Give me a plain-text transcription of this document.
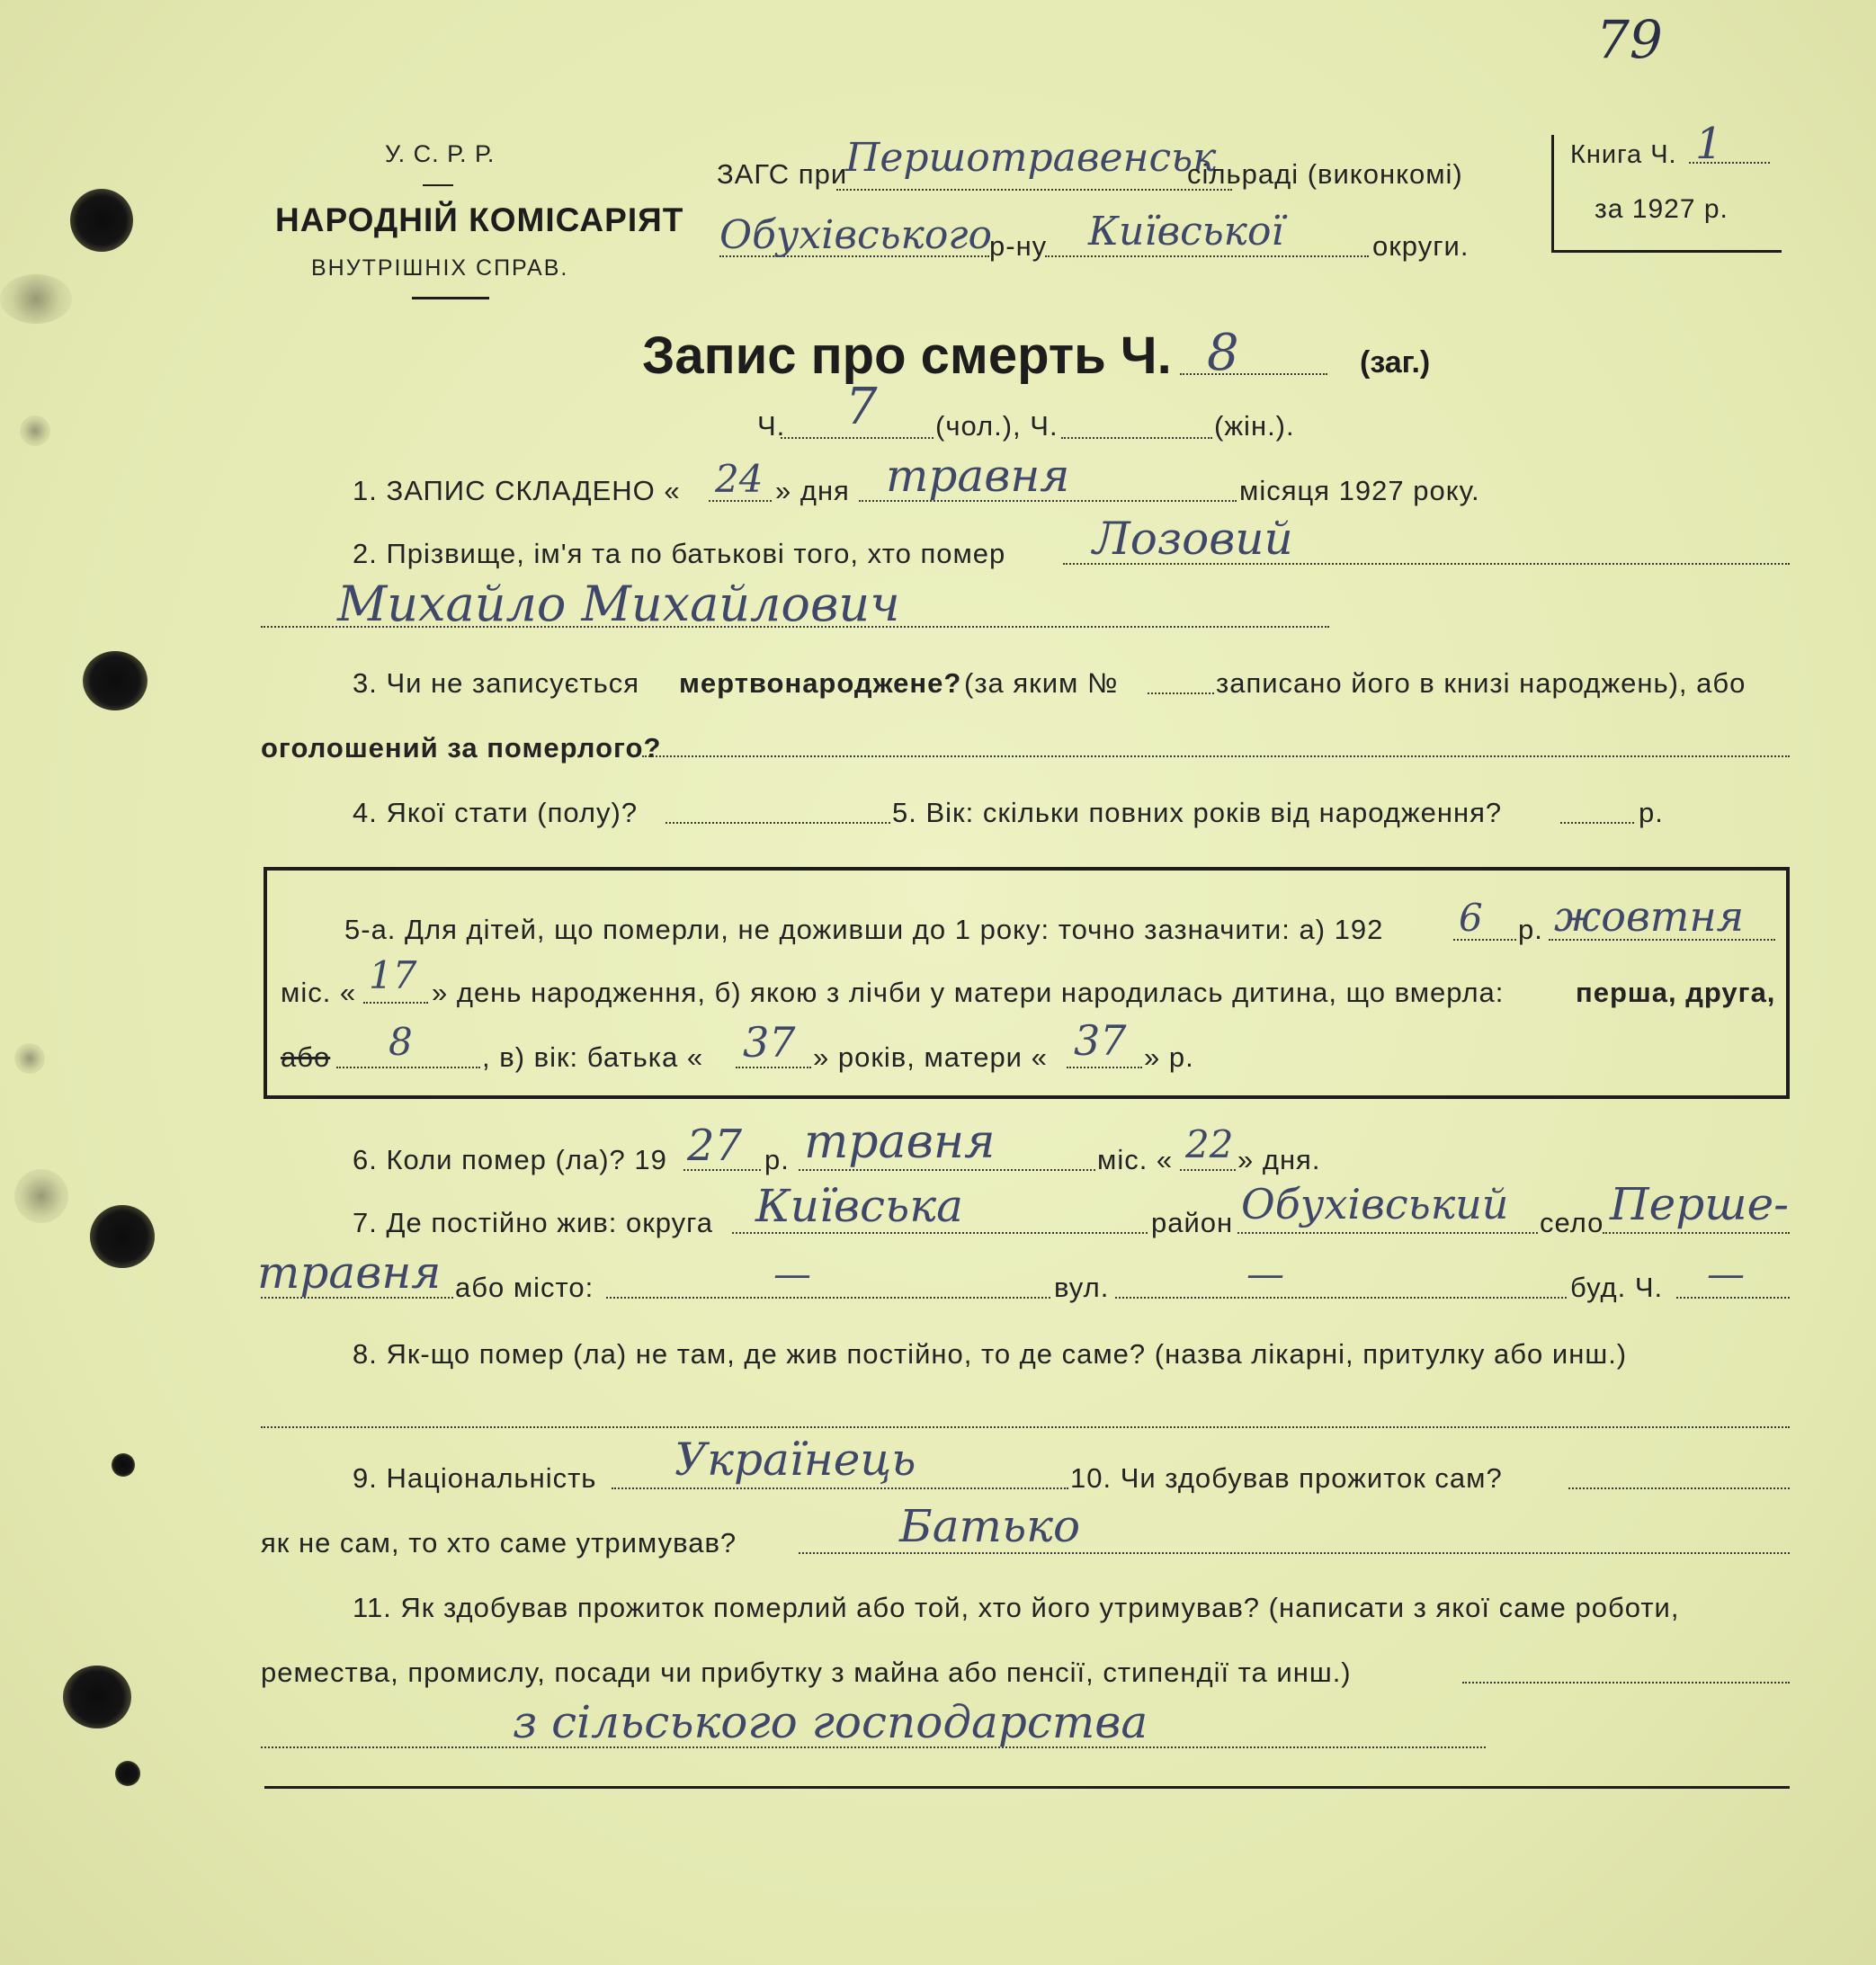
79
У. С. Р. Р.
НАРОДНІЙ КОМІСАРІЯТ
ВНУТРІШНІХ СПРАВ.
ЗАГС при
Першотравенськ
сільраді (виконкомі)
Обухівського
р-ну Київської	округи.
Книга Ч. 1
за 1927 р.
Запис про смерть Ч. 8	(заг.)
Ч. 7 (чол.), Ч.	(жін.).
1. ЗАПИС СКЛАДЕНО « 24 » дня травня	місяця 1927 року.
2. Прізвище, ім'я та по батькові того, хто помер Лозовий
Михайло Михайлович
3. Чи не записується мертвонароджене? (за яким №	записано його в книзі народжень), або
оголошений за померлого?
4. Якої стати (полу)?	5. Вік: скільки повних років від народження?	р.
5-а. Для дітей, що померли, не доживши до 1 року: точно зазначити: а) 192 6 р. жовтня
міс. « 17 » день народження, б) якою з лічби у матери народилась дитина, що вмерла:	перша, друга,
або 8 , в) вік: батька « 37 » років, матери « 37 » р.
6. Коли помер (ла)? 19 27 р. травня	міс. « 22 » дня.
7. Де постійно жив: округа Київська	район Обухівський село Перше-
травня або місто:	—	вул.	—	буд. Ч. —
8. Як-що помер (ла) не там, де жив постійно, то де саме? (назва лікарні, притулку або инш.)
9. Національність Українець	10. Чи здобував прожиток сам?
як не сам, то хто саме утримував?	Батько
11. Як здобував прожиток померлий або той, хто його утримував? (написати з якої саме роботи,
ремества, промислу, посади чи прибутку з майна або пенсії, стипендії та инш.)
з сільського господарства
